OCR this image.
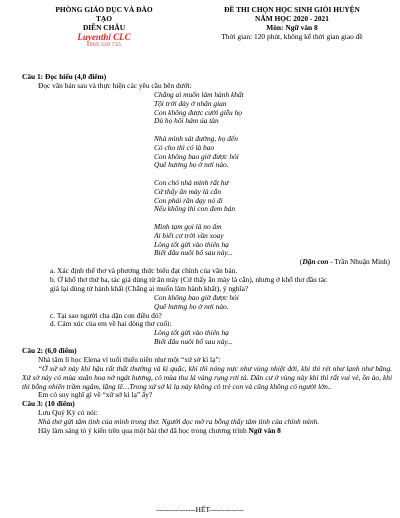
PHÒNG GIÁO DỤC VÀ ĐÀO TẠO
DIỄN CHÂU
Luyenthi CLC
0969 339 735
ĐỀ THI CHỌN HỌC SINH GIỎI HUYỆN
NĂM HỌC 2020 - 2021
Môn: Ngữ văn 8
Thời gian: 120 phút, không kể thời gian giao đề
Câu 1: Đọc hiểu (4,0 điểm)
Đọc văn bản sau và thực hiện các yêu cầu bên dưới:
Chẳng ai muốn làm hành khất
Tội trời đày ở nhân gian
Con không được cười giễu họ
Dù họ hôi hám úa tàn
Nhà mình sát đường, họ đến
Có cho thì có là bao
Con không bao giờ được hỏi
Quê hương họ ở nơi nào.
Con chó nhà mình rất hư
Cứ thấy ăn mày là cắn
Con phải răn dạy nó đi
Nếu không thì con đem bán
Mình tạm gọi là no ấm
Ai biết cơ trời vần xoay
Lòng tốt gửi vào thiên hạ
Biết đâu nuôi bố sau này...
(Dặn con - Trần Nhuận Minh)
a. Xác định thể thơ và phương thức biểu đạt chính của văn bản.
b. Ở khổ thơ thứ ba, tác giả dùng từ ăn mày (Cứ thấy ăn mày là cắn), nhưng ở khổ thơ đầu tác
giả lại dùng từ hành khất (Chẳng ai muốn làm hành khất), ý nghĩa?
Con không bao giờ được hỏi
Quê hương họ ở nơi nào.
c. Tại sao người cha dặn con điều đó?
d. Cảm xúc của em về hai dòng thơ cuối:
Lòng tốt gửi vào thiên hạ
Biết đâu nuôi bố sau này...
Câu 2: (6,0 điểm)
Nhà tâm lí học Elena ví tuổi thiếu niên như một “xứ sở kì lạ”:
“Ở xứ sở này khí hậu rất thất thường và kì quặc, khi thì nóng nực như vùng nhiệt đới, khi thì rét như lạnh như băng. Xứ sở này có mùa xuân hoa nở ngát hương, có mùa thu lá vàng rụng rơi tả. Dân cư ở vùng này khi thì rất vui vẻ, ồn ào, khi thì bỗng nhiên trầm ngâm, lặng lẽ…Trong xứ sở kì lạ này không có trẻ con và cũng không có người lớn..
Em có suy nghĩ gì về “xứ sở kì lạ” ấy?
Câu 3: (10 điểm)
Lưu Quý Kỳ có nói:
Nhà thơ gửi tâm tình của mình trong thơ. Người đọc mở ra bỗng thấy tâm tình của chính mình.
Hãy làm sáng tỏ ý kiến trên qua một bài thơ đã học trong chương trình Ngữ văn 8
----------------HẾT--------------
